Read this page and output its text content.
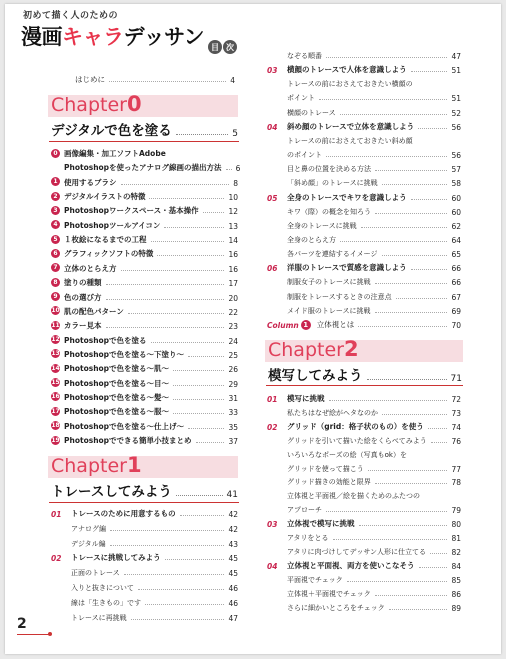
初めて描く人のための
漫画キャラデッサン 目 次
はじめに	4
Chapter0
デジタルで色を塗る	5
0 画像編集・加工ソフトAdobe
Photoshopを使ったアナログ線画の描出方法 6
1 使用するブラシ	8
2 デジタルイラストの特徴	10
3 Photoshopワークスペース・基本操作	12
4 Photoshopツールアイコン	13
5 １枚絵になるまでの工程	14
6 グラフィックソフトの特徴	16
7 立体のとらえ方	16
8 塗りの種類	17
9 色の選び方	20
10 肌の配色パターン	22
11 カラー見本	23
12 Photoshopで色を塗る	24
13 Photoshopで色を塗る〜下塗り〜	25
14 Photoshopで色を塗る〜肌〜	26
15 Photoshopで色を塗る〜目〜	29
16 Photoshopで色を塗る〜髪〜	31
17 Photoshopで色を塗る〜服〜	33
18 Photoshopで色を塗る〜仕上げ〜	35
19 Photoshopでできる簡単小技まとめ	37
Chapter1
トレースしてみよう	41
01	トレースのために用意するもの	42
アナログ編	42
デジタル編	43
02	トレースに挑戦してみよう	45
正面のトレース	45
入りと抜きについて	46
線は「生きもの」です	46
トレースに再挑戦	47
なぞる順番	47
03	横顔のトレースで人体を意識しよう	51
トレースの前におさえておきたい横顔の
ポイント	51
横顔のトレース	52
04	斜め顔のトレースで立体を意識しよう	56
トレースの前におさえておきたい斜め顔
のポイント	56
目と鼻の位置を決める方法	57
「斜め顔」のトレースに挑戦	58
05	全身のトレースでキワを意識しよう	60
キワ（際）の概念を知ろう	60
全身のトレースに挑戦	62
全身のとらえ方	64
各パーツを連結するイメージ	65
06	洋服のトレースで質感を意識しよう	66
制服女子のトレースに挑戦	66
制服をトレースするときの注意点	67
メイド服のトレースに挑戦	69
Column 1	立体視とは	70
Chapter2
模写してみよう	71
01	模写に挑戦	72
私たちはなぜ絵がヘタなのか	73
02	グリッド（grid：格子状のもの）を使う	74
グリッドを引いて描いた絵をくらべてみよう	76
いろいろなポーズの絵（写真もok）を
グリッドを使って描こう	77
グリッド描きの効能と限界	78
立体視と平面視／絵を描くためのふたつの
アプローチ	79
03	立体視で模写に挑戦	80
アタリをとる	81
アタリに肉づけしてデッサン人形に仕立てる	82
04	立体視と平面視、両方を使いこなそう	84
平面視でチェック	85
立体視＋平面視でチェック	86
さらに細かいところをチェック	89
2
